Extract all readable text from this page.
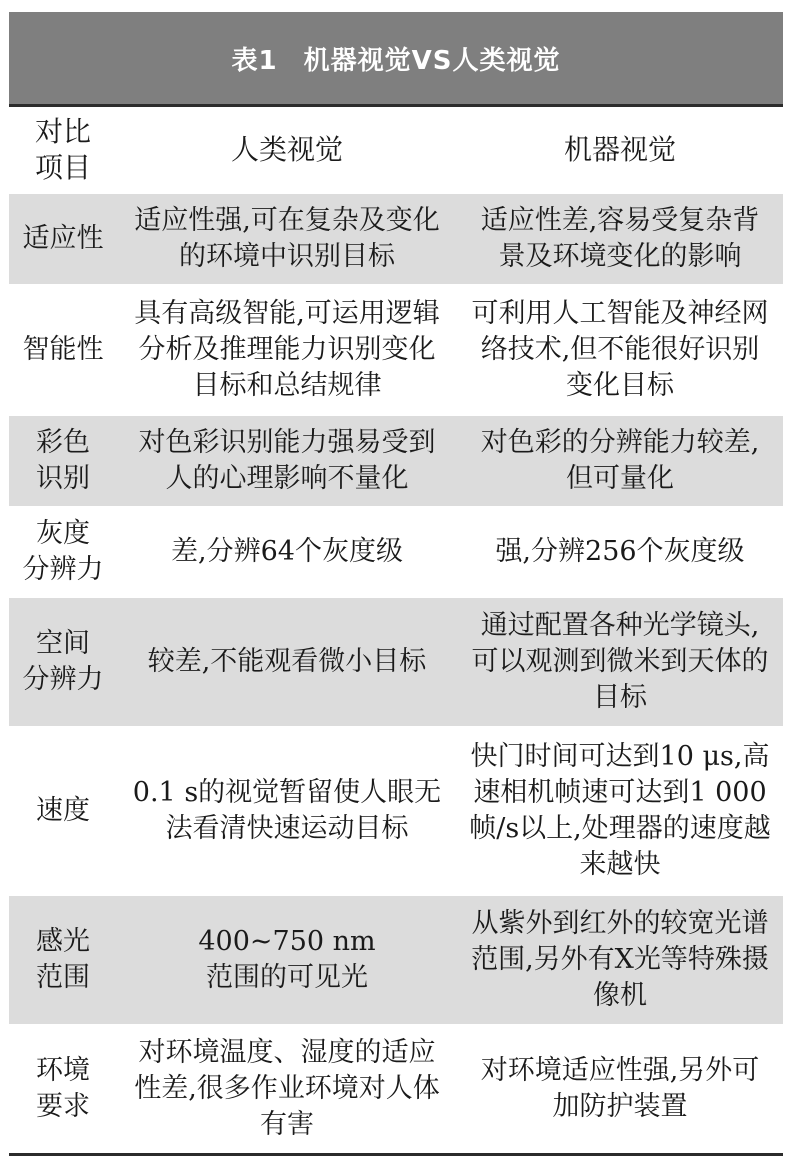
表1 机器视觉VS人类视觉
对比
项目
人类视觉	机器视觉
适应性
适应性强,可在复杂及变化的环境中识别目标
适应性差,容易受复杂背景及环境变化的影响
智能性
具有高级智能,可运用逻辑分析及推理能力识别变化目标和总结规律
可利用人工智能及神经网络技术,但不能很好识别变化目标
彩色
识别
对色彩识别能力强易受到人的心理影响不量化
对色彩的分辨能力较差,但可量化
灰度
分辨力
差,分辨64个灰度级	强,分辨256个灰度级
空间
分辨力
较差,不能观看微小目标
通过配置各种光学镜头,可以观测到微米到天体的目标
速度
0.1 s的视觉暂留使人眼无法看清快速运动目标
快门时间可达到10 μs,高速相机帧速可达到1 000帧/s以上,处理器的速度越来越快
感光
范围
400~750 nm
范围的可见光
从紫外到红外的较宽光谱范围,另外有X光等特殊摄像机
环境
要求
对环境温度、湿度的适应性差,很多作业环境对人体有害
对环境适应性强,另外可加防护装置
